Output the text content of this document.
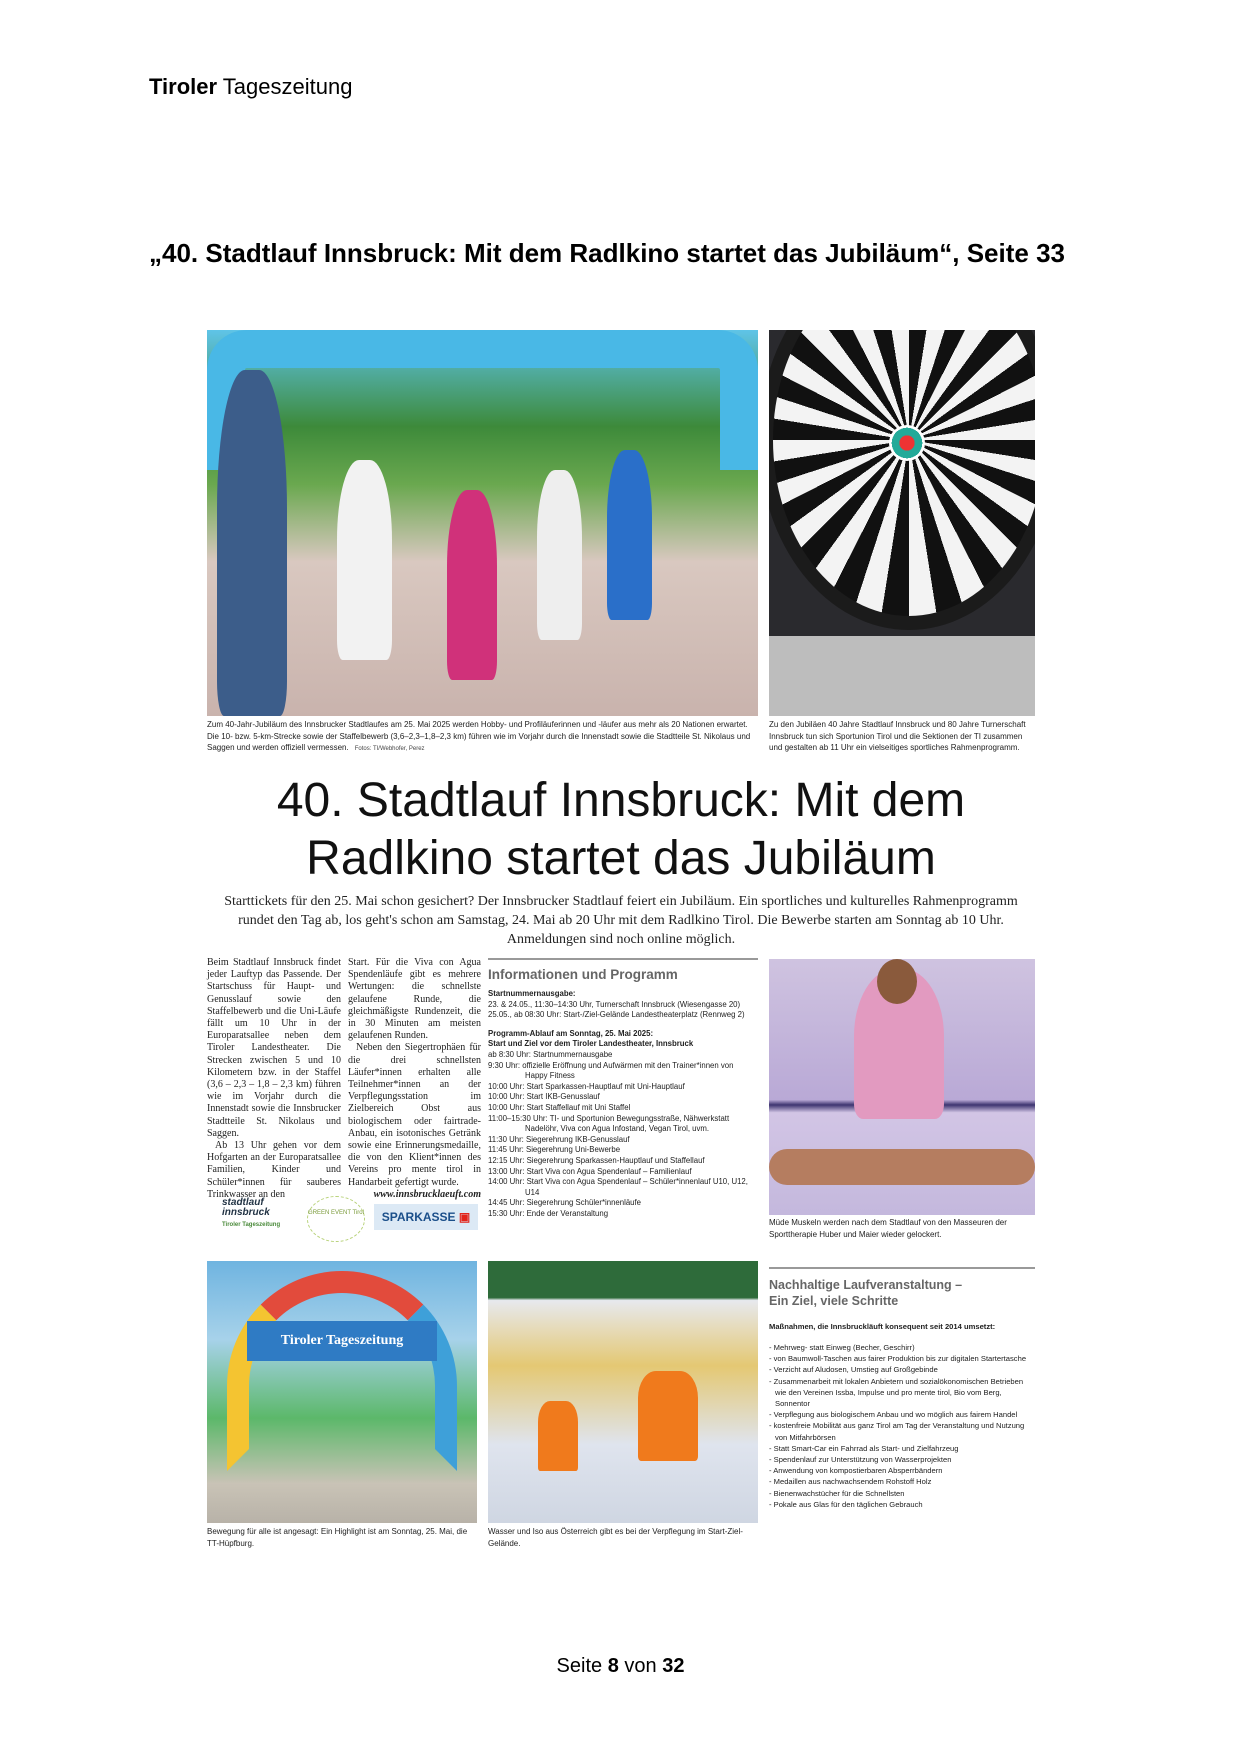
Tiroler Tageszeitung
„40. Stadtlauf Innsbruck: Mit dem Radlkino startet das Jubiläum“, Seite 33
Zum 40-Jahr-Jubiläum des Innsbrucker Stadtlaufes am 25. Mai 2025 werden Hobby- und Profiläuferinnen und -läufer aus mehr als 20 Nationen erwartet. Die 10- bzw. 5-km-Strecke sowie der Staffelbewerb (3,6–2,3–1,8–2,3 km) führen wie im Vorjahr durch die Innenstadt sowie die Stadtteile St. Nikolaus und Saggen und werden offiziell vermessen. Fotos: TI/Webhofer, Perez
Zu den Jubiläen 40 Jahre Stadtlauf Innsbruck und 80 Jahre Turnerschaft Innsbruck tun sich Sportunion Tirol und die Sektionen der TI zusammen und gestalten ab 11 Uhr ein vielseitiges sportliches Rahmenprogramm.
40. Stadtlauf Innsbruck: Mit dem
Radlkino startet das Jubiläum
Starttickets für den 25. Mai schon gesichert? Der Innsbrucker Stadtlauf feiert ein Jubiläum. Ein sportliches und kulturelles Rahmenprogramm rundet den Tag ab, los geht's schon am Samstag, 24. Mai ab 20 Uhr mit dem Radlkino Tirol. Die Bewerbe starten am Sonntag ab 10 Uhr. Anmeldungen sind noch online möglich.

Beim Stadtlauf Innsbruck findet jeder Lauftyp das Passende. Der Startschuss für Haupt- und Genusslauf sowie den Staffelbewerb und die Uni-Läufe fällt um 10 Uhr in der Europaratsallee neben dem Tiroler Landestheater. Die Strecken zwischen 5 und 10 Kilometern bzw. in der Staffel (3,6 – 2,3 – 1,8 – 2,3 km) führen wie im Vorjahr durch die Innenstadt sowie die Innsbrucker Stadtteile St. Nikolaus und Saggen.

Ab 13 Uhr gehen vor dem Hofgarten an der Europaratsallee Familien, Kinder und Schüler*innen für sauberes Trinkwasser an den

Start. Für die Viva con Agua Spendenläufe gibt es mehrere Wertungen: die schnellste gelaufene Runde, die gleichmäßigste Rundenzeit, die in 30 Minuten am meisten gelaufenen Runden.

Neben den Siegertrophäen für die drei schnellsten Läufer*innen erhalten alle Teilnehmer*innen an der Verpflegungsstation im Zielbereich Obst aus biologischem oder fairtrade-Anbau, ein isotonisches Getränk sowie eine Erinnerungsmedaille, die von den Klient*innen des Vereins pro mente tirol in Handarbeit gefertigt wurde.

www.innsbrucklaeuft.com
stadtlauf innsbruck
Tiroler Tageszeitung
GREEN EVENT Tirol	SPARKASSE ▣
Informationen und Programm
Startnummernausgabe:
23. & 24.05., 11:30–14:30 Uhr, Turnerschaft Innsbruck (Wiesengasse 20)
25.05., ab 08:30 Uhr: Start-/Ziel-Gelände Landestheaterplatz (Rennweg 2)
Programm-Ablauf am Sonntag, 25. Mai 2025:
Start und Ziel vor dem Tiroler Landestheater, Innsbruck
ab 8:30 Uhr: Startnummernausgabe
9:30 Uhr: offizielle Eröffnung und Aufwärmen mit den Trainer*innen von Happy Fitness
10:00 Uhr: Start Sparkassen-Hauptlauf mit Uni-Hauptlauf
10:00 Uhr: Start IKB-Genusslauf
10:00 Uhr: Start Staffellauf mit Uni Staffel
11:00–15:30 Uhr: TI- und Sportunion Bewegungsstraße, Nähwerkstatt Nadelöhr, Viva con Agua Infostand, Vegan Tirol, uvm.
11:30 Uhr: Siegerehrung IKB-Genusslauf
11:45 Uhr: Siegerehrung Uni-Bewerbe
12:15 Uhr: Siegerehrung Sparkassen-Hauptlauf und Staffellauf
13:00 Uhr: Start Viva con Agua Spendenlauf – Familienlauf
14:00 Uhr: Start Viva con Agua Spendenlauf – Schüler*innenlauf U10, U12, U14
14:45 Uhr: Siegerehrung Schüler*innenläufe
15:30 Uhr: Ende der Veranstaltung
Müde Muskeln werden nach dem Stadtlauf von den Masseuren der Sporttherapie Huber und Maier wieder gelockert.
Tiroler Tageszeitung
Bewegung für alle ist angesagt: Ein Highlight ist am Sonntag, 25. Mai, die TT-Hüpfburg.
Wasser und Iso aus Österreich gibt es bei der Verpflegung im Start-Ziel-Gelände.
Nachhaltige Laufveranstaltung –
Ein Ziel, viele Schritte
Maßnahmen, die Innsbruckläuft konsequent seit 2014 umsetzt:
- Mehrweg- statt Einweg (Becher, Geschirr)
- von Baumwoll-Taschen aus fairer Produktion bis zur digitalen Startertasche
- Verzicht auf Aludosen, Umstieg auf Großgebinde
- Zusammenarbeit mit lokalen Anbietern und sozialökonomischen Betrieben wie den Vereinen Issba, Impulse und pro mente tirol, Bio vom Berg, Sonnentor
- Verpflegung aus biologischem Anbau und wo möglich aus fairem Handel
- kostenfreie Mobilität aus ganz Tirol am Tag der Veranstaltung und Nutzung von Mitfahrbörsen
- Statt Smart-Car ein Fahrrad als Start- und Zielfahrzeug
- Spendenlauf zur Unterstützung von Wasserprojekten
- Anwendung von kompostierbaren Absperrbändern
- Medaillen aus nachwachsendem Rohstoff Holz
- Bienenwachstücher für die Schnellsten
- Pokale aus Glas für den täglichen Gebrauch
Seite 8 von 32
